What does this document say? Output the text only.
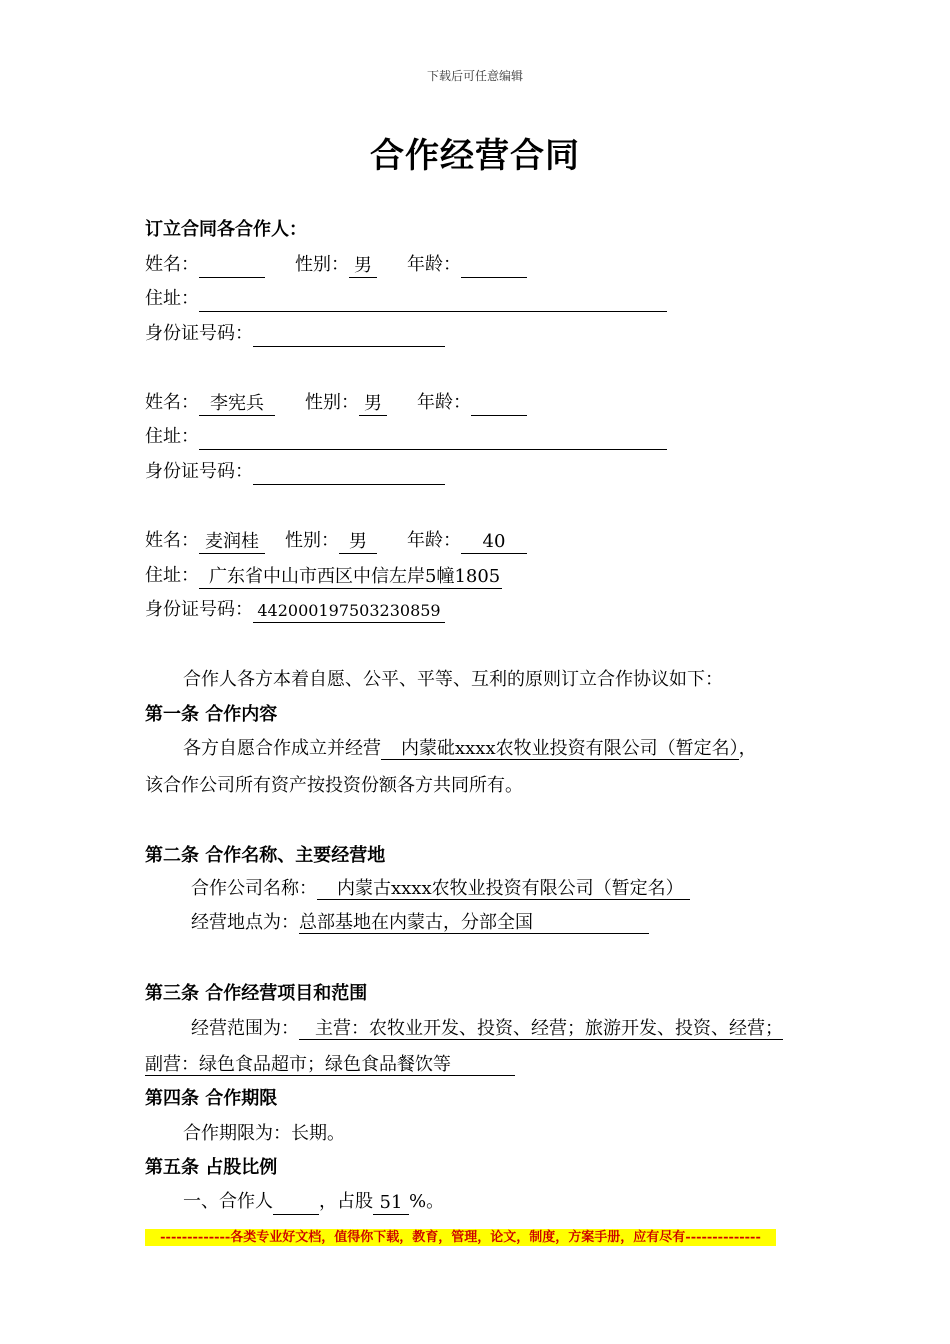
下载后可任意编辑
合作经营合同
订立合同各合作人：
姓名：	性别： 男 年龄：
住址：
身份证号码：
姓名： 李宪兵 性别： 男 年龄：
住址：
身份证号码：
姓名： 麦润桂 性别： 男 年龄： 40
住址： 广东省中山市西区中信左岸5幢1805
身份证号码： 442000197503230859
合作人各方本着自愿、公平、平等、互利的原则订立合作协议如下：
第一条 合作内容
各方自愿合作成立并经营 内蒙砒xxxx农牧业投资有限公司（暂定名），
该合作公司所有资产按投资份额各方共同所有。
第二条 合作名称、主要经营地
合作公司名称： 内蒙古xxxx农牧业投资有限公司（暂定名）
经营地点为：总部基地在内蒙古，分部全国
第三条 合作经营项目和范围
经营范围为： 主营：农牧业开发、投资、经营；旅游开发、投资、经营；
副营：绿色食品超市；绿色食品餐饮等
第四条 合作期限
合作期限为：长期。
第五条 占股比例
一、合作人	，占股 51 %。
-------------各类专业好文档，值得你下载，教育，管理，论文，制度，方案手册，应有尽有--------------
